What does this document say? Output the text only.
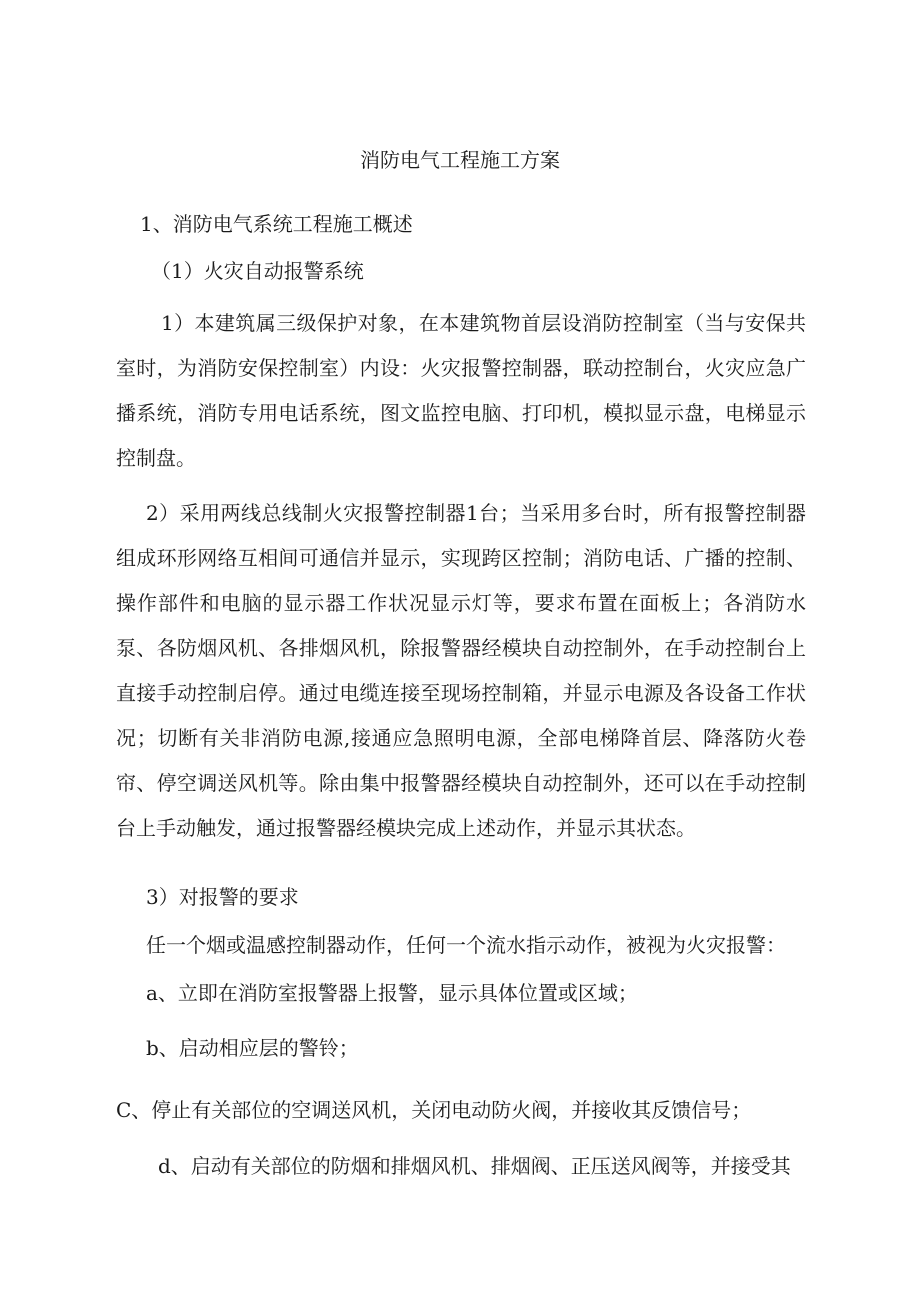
消防电气工程施工方案

1、消防电气系统工程施工概述

（1）火灾自动报警系统

1）本建筑属三级保护对象，在本建筑物首层设消防控制室（当与安保共室时，为消防安保控制室）内设：火灾报警控制器，联动控制台，火灾应急广播系统，消防专用电话系统，图文监控电脑、打印机，模拟显示盘，电梯显示控制盘。

2）采用两线总线制火灾报警控制器1台；当采用多台时，所有报警控制器组成环形网络互相间可通信并显示，实现跨区控制；消防电话、广播的控制、操作部件和电脑的显示器工作状况显示灯等，要求布置在面板上；各消防水泵、各防烟风机、各排烟风机，除报警器经模块自动控制外，在手动控制台上直接手动控制启停。通过电缆连接至现场控制箱，并显示电源及各设备工作状况；切断有关非消防电源,接通应急照明电源，全部电梯降首层、降落防火卷帘、停空调送风机等。除由集中报警器经模块自动控制外，还可以在手动控制台上手动触发，通过报警器经模块完成上述动作，并显示其状态。

3）对报警的要求

任一个烟或温感控制器动作，任何一个流水指示动作，被视为火灾报警：

a、立即在消防室报警器上报警，显示具体位置或区域；

b、启动相应层的警铃；

C、停止有关部位的空调送风机，关闭电动防火阀，并接收其反馈信号；

d、启动有关部位的防烟和排烟风机、排烟阀、正压送风阀等，并接受其
